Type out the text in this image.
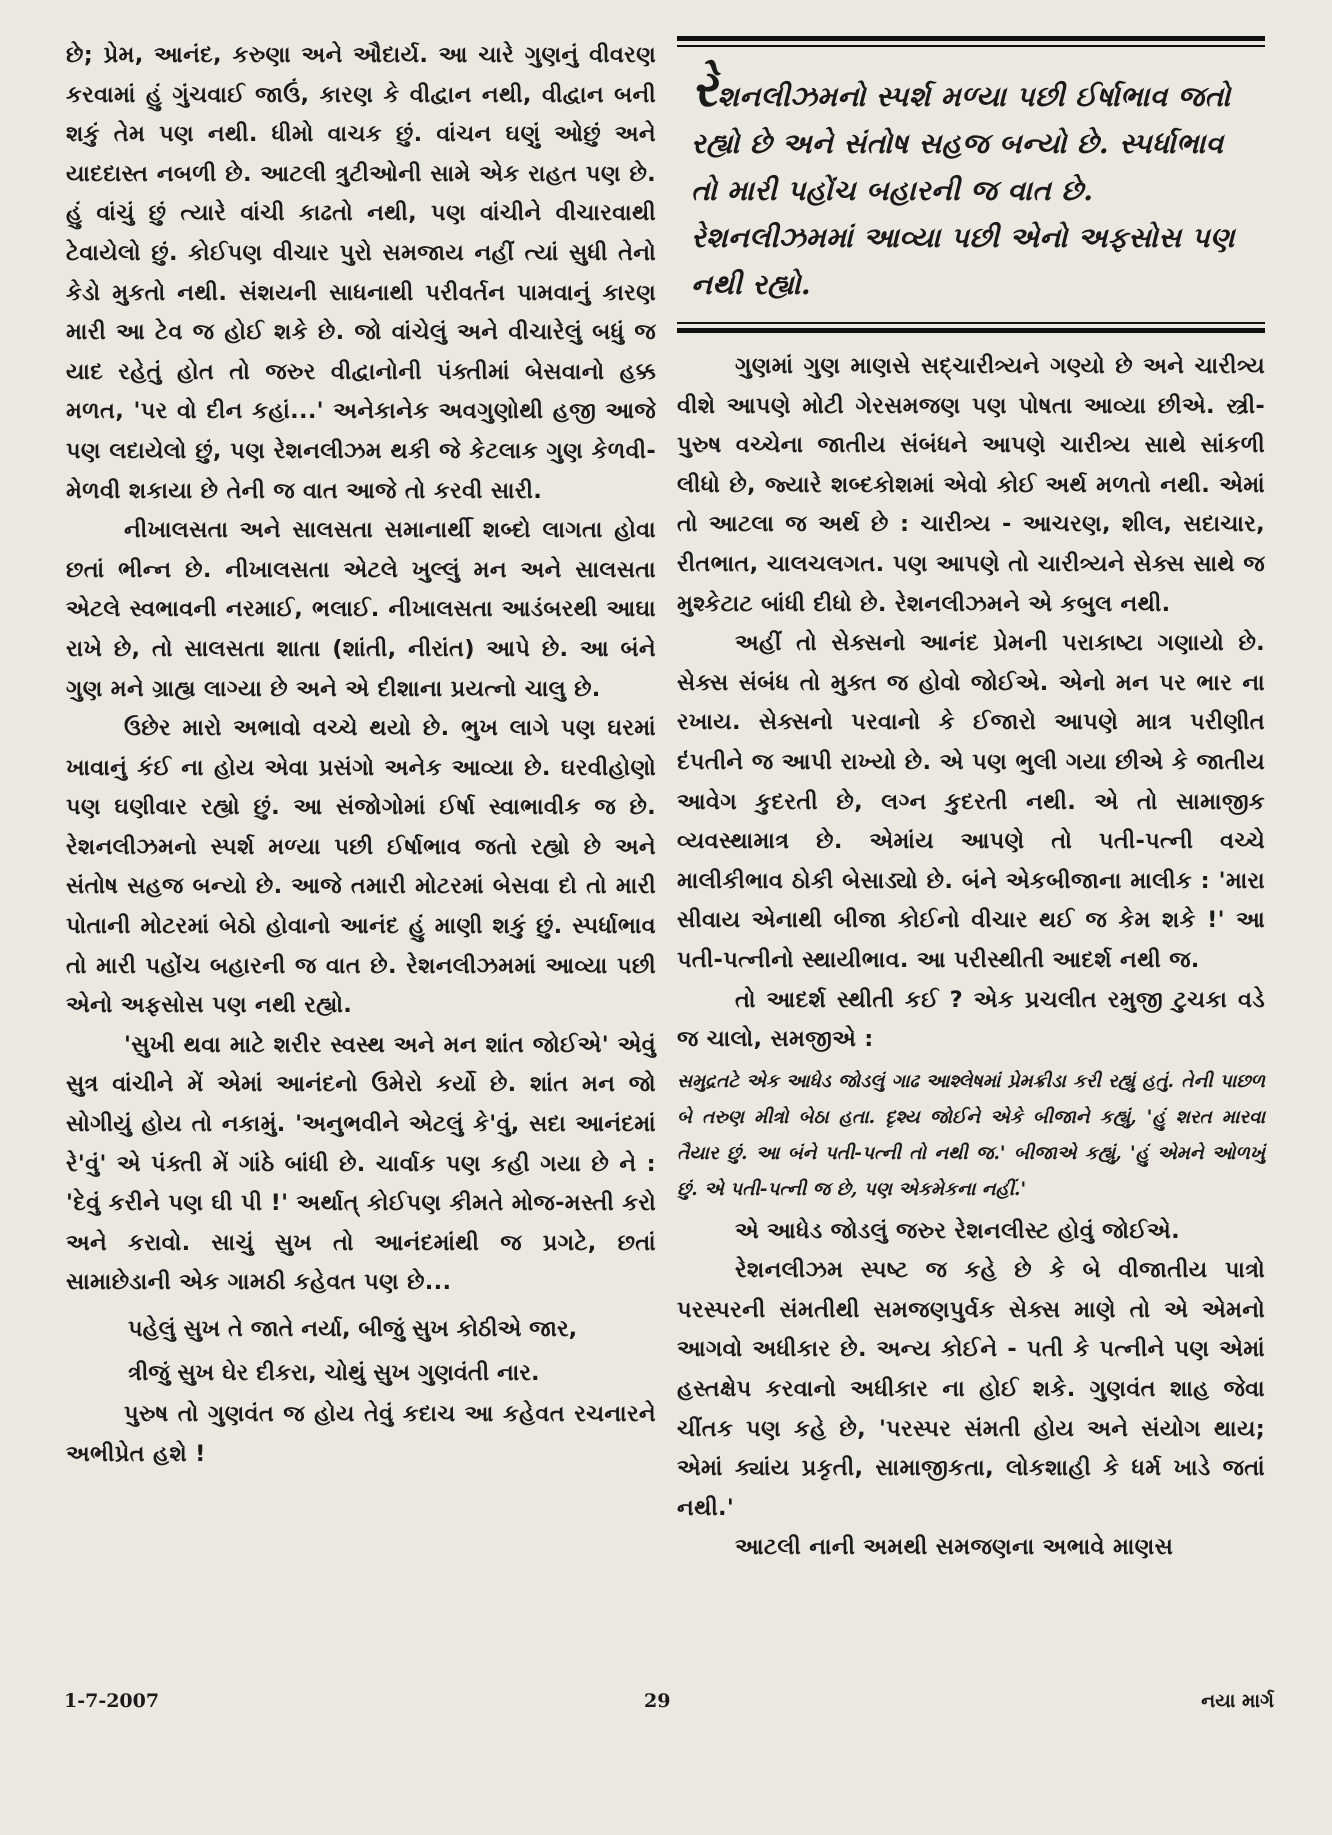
છે; પ્રેમ, આનંદ, કરુણા અને ઔદાર્ય. આ ચારે ગુણનું વીવરણ કરવામાં હું ગુંચવાઈ જાઉં, કારણ કે વીદ્વાન નથી, વીદ્વાન બની શકું તેમ પણ નથી. ધીમો વાચક છું. વાંચન ઘણું ઓછું અને યાદદાસ્ત નબળી છે. આટલી ત્રુટીઓની સામે એક રાહત પણ છે. હું વાંચું છું ત્યારે વાંચી કાઢતો નથી, પણ વાંચીને વીચારવાથી ટેવાયેલો છું. કોઈપણ વીચાર પુરો સમજાય નહીં ત્યાં સુધી તેનો કેડો મુકતો નથી. સંશયની સાધનાથી પરીવર્તન પામવાનું કારણ મારી આ ટેવ જ હોઈ શકે છે. જો વાંચેલું અને વીચારેલું બધું જ યાદ રહેતું હોત તો જરુર વીદ્વાનોની પંક્તીમાં બેસવાનો હક્ક મળત, 'પર વો દીન કહાં...' અનેકાનેક અવગુણોથી હજી આજે પણ લદાયેલો છું, પણ રેશનલીઝમ થકી જે કેટલાક ગુણ કેળવી-મેળવી શકાયા છે તેની જ વાત આજે તો કરવી સારી.

નીખાલસતા અને સાલસતા સમાનાર્થી શબ્દો લાગતા હોવા છતાં ભીન્ન છે. નીખાલસતા એટલે ખુલ્લું મન અને સાલસતા એટલે સ્વભાવની નરમાઈ, ભલાઈ. નીખાલસતા આડંબરથી આઘા રાખે છે, તો સાલસતા શાતા (શાંતી, નીરાંત) આપે છે. આ બંને ગુણ મને ગ્રાહ્ય લાગ્યા છે અને એ દીશાના પ્રયત્નો ચાલુ છે.

ઉછેર મારો અભાવો વચ્ચે થયો છે. ભુખ લાગે પણ ઘરમાં ખાવાનું કંઈ ના હોય એવા પ્રસંગો અનેક આવ્યા છે. ઘરવીહોણો પણ ઘણીવાર રહ્યો છું. આ સંજોગોમાં ઈર્ષા સ્વાભાવીક જ છે. રેશનલીઝમનો સ્પર્શ મળ્યા પછી ઈર્ષાભાવ જતો રહ્યો છે અને સંતોષ સહજ બન્યો છે. આજે તમારી મોટરમાં બેસવા દો તો મારી પોતાની મોટરમાં બેઠો હોવાનો આનંદ હું માણી શકું છું. સ્પર્ધાભાવ તો મારી પહોંચ બહારની જ વાત છે. રેશનલીઝમમાં આવ્યા પછી એનો અફસોસ પણ નથી રહ્યો.

'સુખી થવા માટે શરીર સ્વસ્થ અને મન શાંત જોઈએ' એવું સુત્ર વાંચીને મેં એમાં આનંદનો ઉમેરો કર્યો છે. શાંત મન જો સોગીયું હોય તો નકામું. 'અનુભવીને એટલું કે'વું, સદા આનંદમાં રે'વું' એ પંક્તી મેં ગાંઠે બાંધી છે. ચાર્વાક પણ કહી ગયા છે ને : 'દેવું કરીને પણ ઘી પી !' અર્થાત્ કોઈપણ કીમતે મોજ-મસ્તી કરો અને કરાવો. સાચું સુખ તો આનંદમાંથી જ પ્રગટે, છતાં સામાછેડાની એક ગામઠી કહેવત પણ છે...

પહેલું સુખ તે જાતે નર્યા, બીજું સુખ કોઠીએ જાર,
ત્રીજું સુખ ઘેર દીકરા, ચોથું સુખ ગુણવંતી નાર.

પુરુષ તો ગુણવંત જ હોય તેવું કદાચ આ કહેવત રચનારને અભીપ્રેત હશે !

રેશનલીઝમનો સ્પર્શ મળ્યા પછી ઈર્ષાભાવ જતો રહ્યો છે અને સંતોષ સહજ બન્યો છે. સ્પર્ધાભાવ તો મારી પહોંચ બહારની જ વાત છે. રેશનલીઝમમાં આવ્યા પછી એનો અફસોસ પણ નથી રહ્યો.

ગુણમાં ગુણ માણસે સદ્ચારીત્ર્યને ગણ્યો છે અને ચારીત્ર્ય વીશે આપણે મોટી ગેરસમજણ પણ પોષતા આવ્યા છીએ. સ્ત્રી-પુરુષ વચ્ચેના જાતીય સંબંધને આપણે ચારીત્ર્ય સાથે સાંકળી લીધો છે, જ્યારે શબ્દકોશમાં એવો કોઈ અર્થ મળતો નથી. એમાં તો આટલા જ અર્થ છે : ચારીત્ર્ય - આચરણ, શીલ, સદાચાર, રીતભાત, ચાલચલગત. પણ આપણે તો ચારીત્ર્યને સેક્સ સાથે જ મુશ્કેટાટ બાંધી દીધો છે. રેશનલીઝમને એ કબુલ નથી.

અહીં તો સેક્સનો આનંદ પ્રેમની પરાકાષ્ટા ગણાયો છે. સેક્સ સંબંધ તો મુક્ત જ હોવો જોઈએ. એનો મન પર ભાર ના રખાય. સેક્સનો પરવાનો કે ઈજારો આપણે માત્ર પરીણીત દંપતીને જ આપી રાખ્યો છે. એ પણ ભુલી ગયા છીએ કે જાતીય આવેગ કુદરતી છે, લગ્ન કુદરતી નથી. એ તો સામાજીક વ્યવસ્થામાત્ર છે. એમાંય આપણે તો પતી-પત્ની વચ્ચે માલીકીભાવ ઠોકી બેસાડ્યો છે. બંને એકબીજાના માલીક : 'મારા સીવાય એનાથી બીજા કોઈનો વીચાર થઈ જ કેમ શકે !' આ પતી-પત્નીનો સ્થાયીભાવ. આ પરીસ્થીતી આદર્શ નથી જ.

તો આદર્શ સ્થીતી કઈ ? એક પ્રચલીત રમુજી ટુચકા વડે જ ચાલો, સમજીએ :

સમુદ્રતટે એક આધેડ જોડલું ગાઢ આશ્લેષમાં પ્રેમક્રીડા કરી રહ્યું હતું. તેની પાછળ બે તરુણ મીત્રો બેઠા હતા. દૃશ્ય જોઈને એકે બીજાને કહ્યું, 'હું શરત મારવા તૈયાર છું. આ બંને પતી-પત્ની તો નથી જ.' બીજાએ કહ્યું, 'હું એમને ઓળખું છું. એ પતી-પત્ની જ છે, પણ એકમેકના નહીં.'

એ આધેડ જોડલું જરુર રેશનલીસ્ટ હોવું જોઈએ.

રેશનલીઝમ સ્પષ્ટ જ કહે છે કે બે વીજાતીય પાત્રો પરસ્પરની સંમતીથી સમજણપુર્વક સેક્સ માણે તો એ એમનો આગવો અધીકાર છે. અન્ય કોઈને - પતી કે પત્નીને પણ એમાં હસ્તક્ષેપ કરવાનો અધીકાર ના હોઈ શકે. ગુણવંત શાહ જેવા ચીંતક પણ કહે છે, 'પરસ્પર સંમતી હોય અને સંયોગ થાય; એમાં ક્યાંય પ્રકૃતી, સામાજીકતા, લોકશાહી કે ધર્મ ખાડે જતાં નથી.'

આટલી નાની અમથી સમજણના અભાવે માણસ

1-7-2007	29	નયા માર્ગ
